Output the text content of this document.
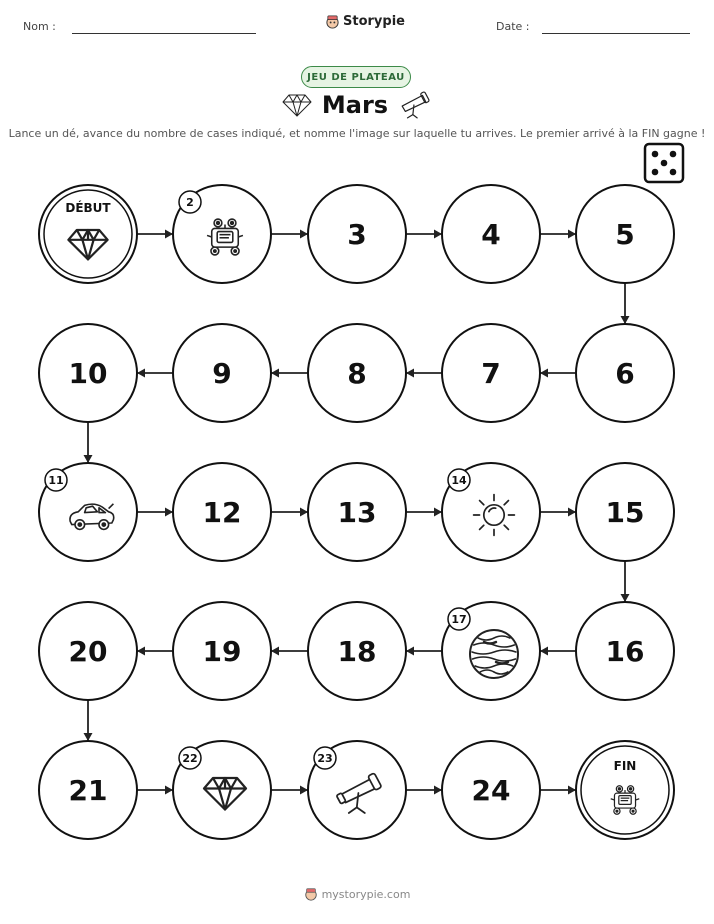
Nom :	Storypie	Date :
JEU DE PLATEAU
Mars
Lance un dé, avance du nombre de cases indiqué, et nomme l'image sur laquelle tu arrives. Le premier arrivé à la FIN gagne !
DÉBUT	2
3	4	5
6
7
8
9
10
11
12	13
14
15
16
17
18
19
20
21
22	23
24
FIN
mystorypie.com
